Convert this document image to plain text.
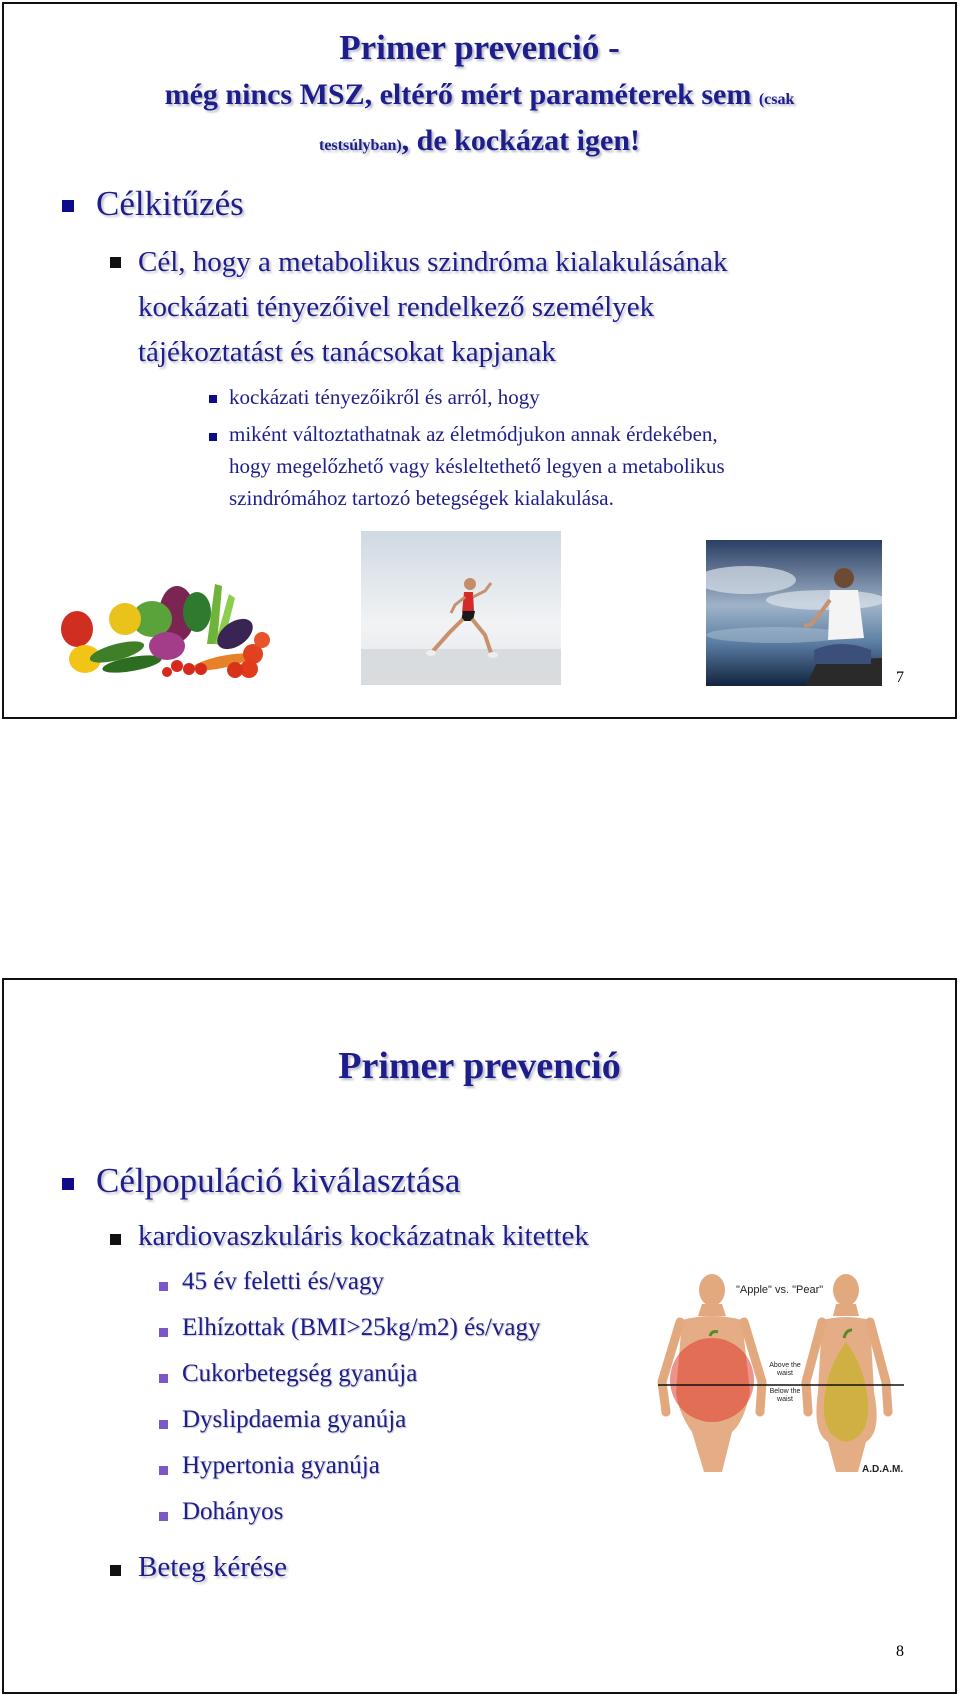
Primer prevenció -
még nincs MSZ, eltérő mért paraméterek sem (csak
testsúlyban), de kockázat igen!
Célkitűzés
Cél, hogy a metabolikus szindróma kialakulásának
kockázati tényezőivel rendelkező személyek
tájékoztatást és tanácsokat kapjanak
kockázati tényezőikről és arról, hogy
miként változtathatnak az életmódjukon annak érdekében,
hogy megelőzhető vagy késleltethető legyen a metabolikus
szindrómához tartozó betegségek kialakulása.
7
Primer prevenció
Célpopuláció kiválasztása
kardiovaszkuláris kockázatnak kitettek
45 év feletti és/vagy
Elhízottak (BMI>25kg/m2) és/vagy
Cukorbetegség gyanúja
Dyslipdaemia gyanúja
Hypertonia gyanúja
Dohányos
Beteg kérése
"Apple" vs. "Pear"
Above the waist
Below the waist
A.D.A.M.
8
